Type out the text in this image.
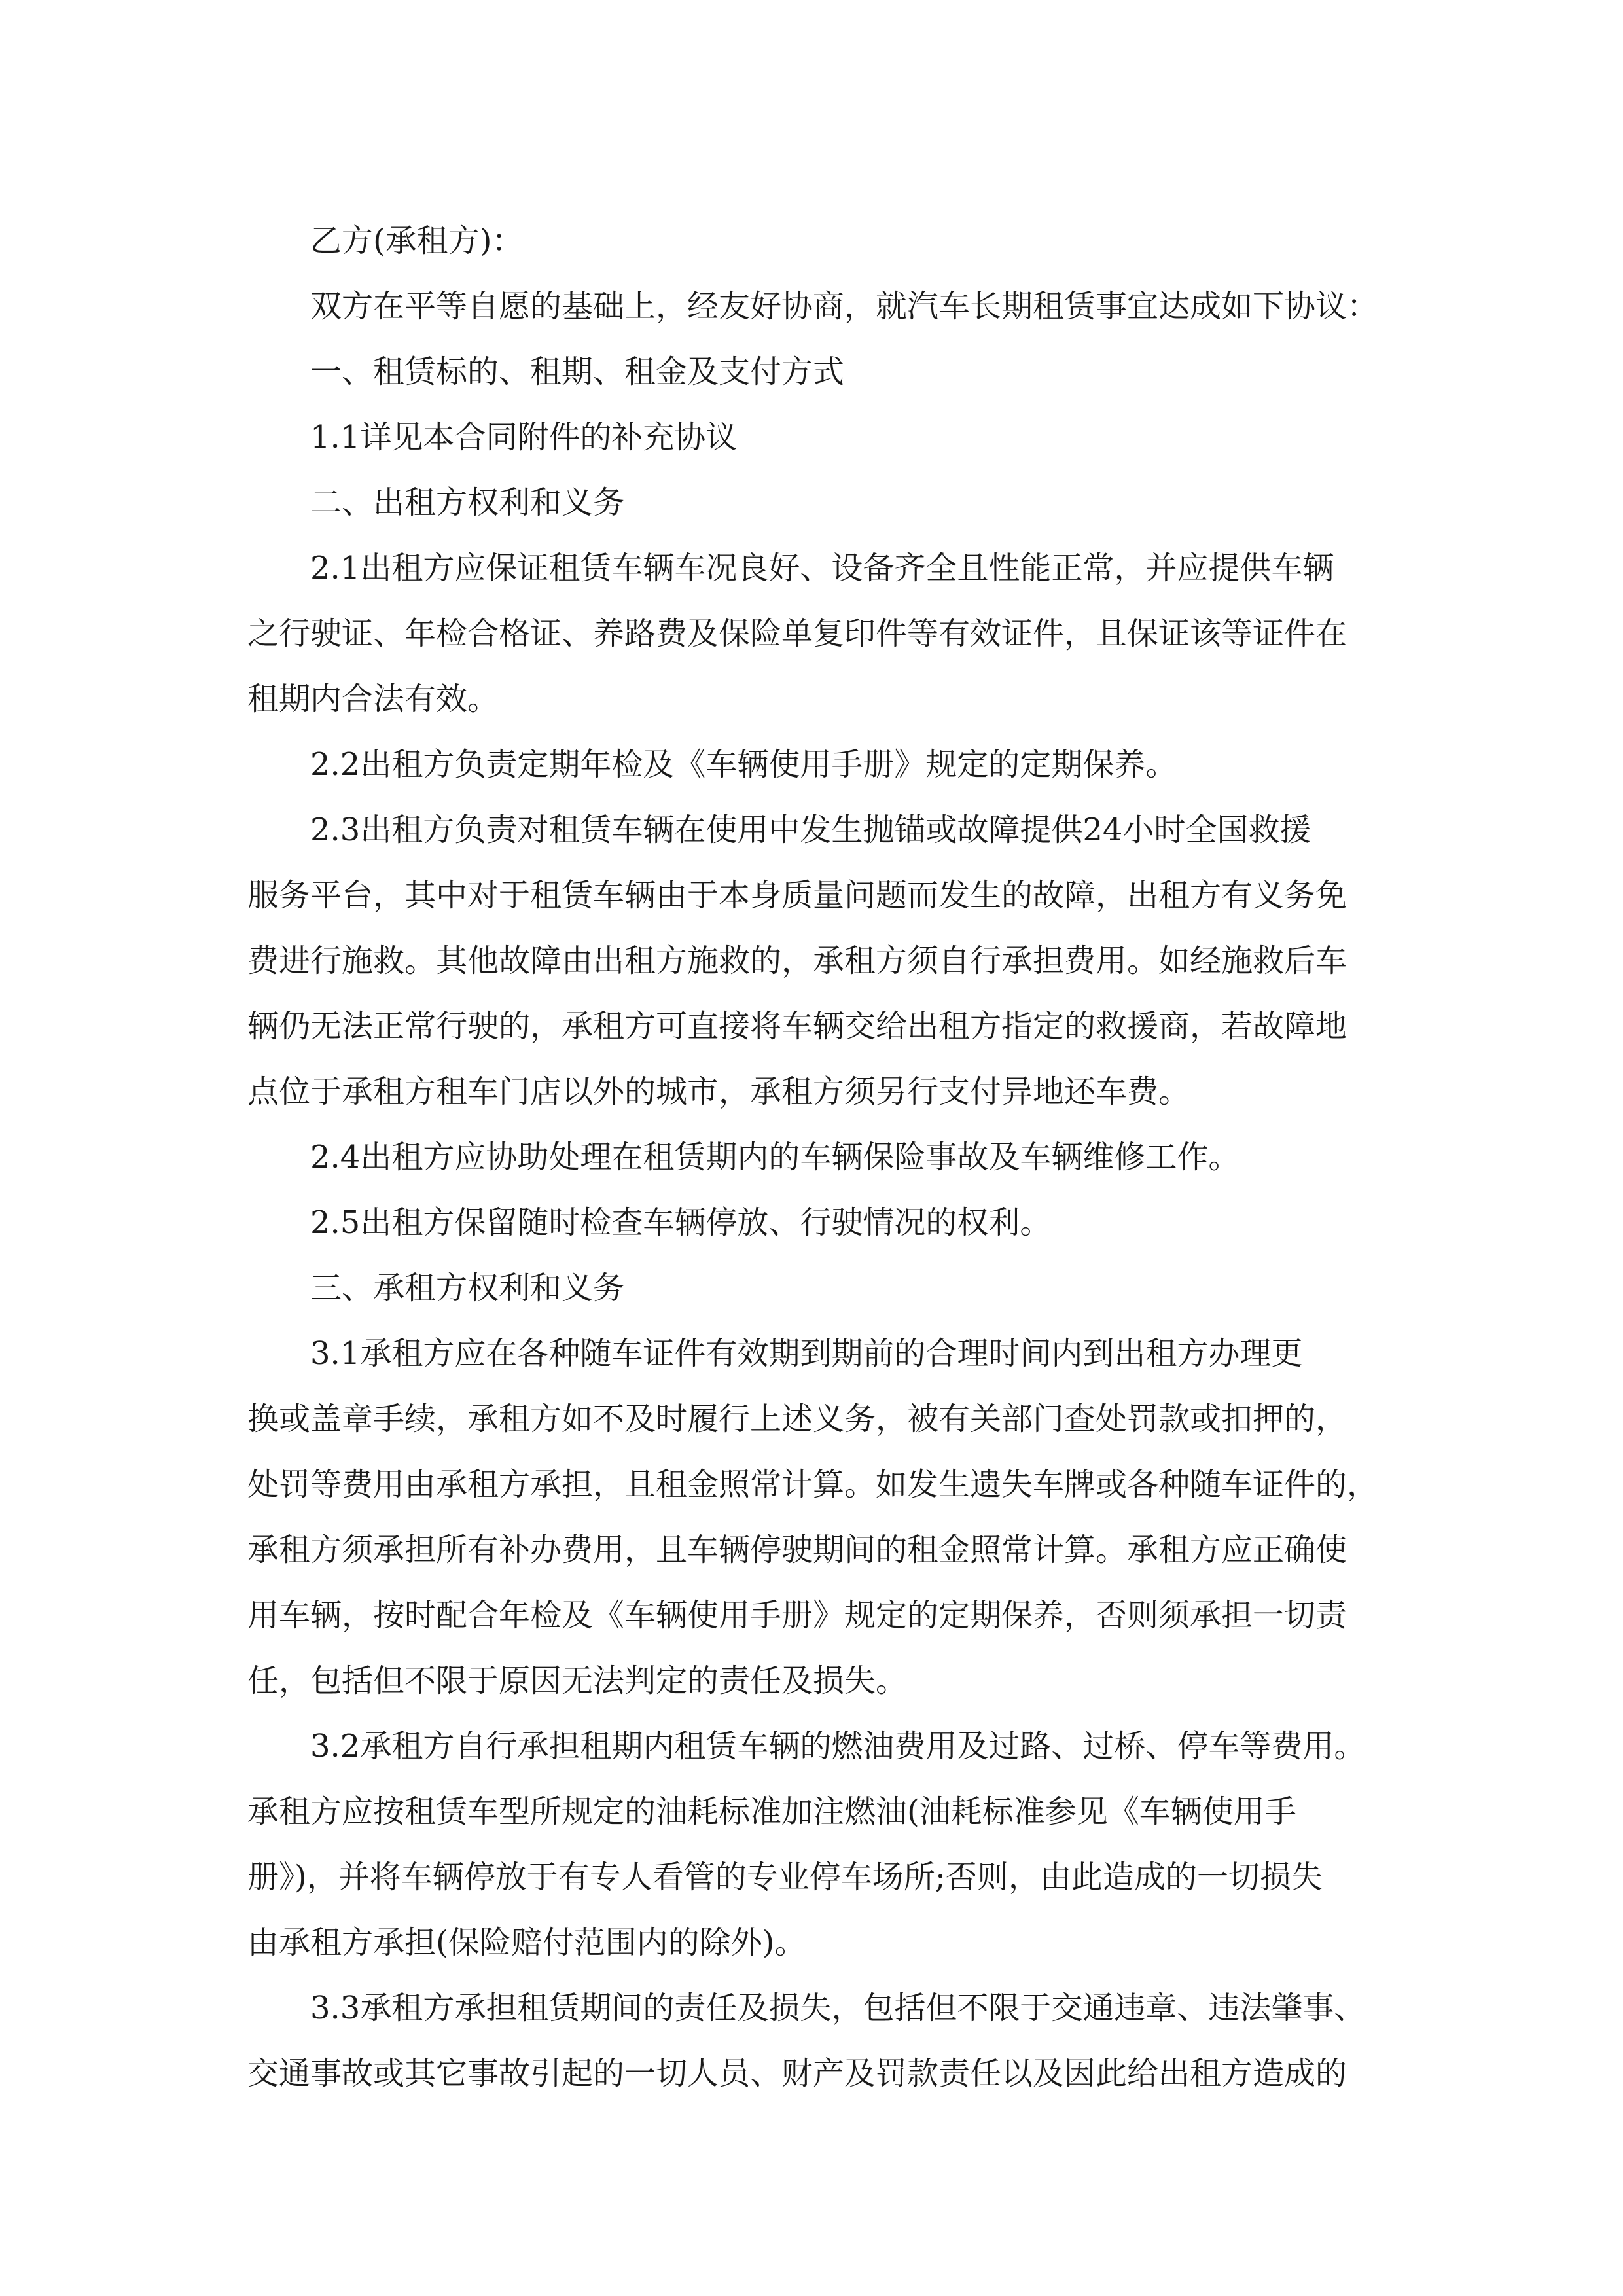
乙方(承租方)：
双方在平等自愿的基础上，经友好协商，就汽车长期租赁事宜达成如下协议：
一、租赁标的、租期、租金及支付方式
1.1详见本合同附件的补充协议
二、出租方权利和义务
2.1出租方应保证租赁车辆车况良好、设备齐全且性能正常，并应提供车辆
之行驶证、年检合格证、养路费及保险单复印件等有效证件，且保证该等证件在
租期内合法有效。
2.2出租方负责定期年检及《车辆使用手册》规定的定期保养。
2.3出租方负责对租赁车辆在使用中发生抛锚或故障提供24小时全国救援
服务平台，其中对于租赁车辆由于本身质量问题而发生的故障，出租方有义务免
费进行施救。其他故障由出租方施救的，承租方须自行承担费用。如经施救后车
辆仍无法正常行驶的，承租方可直接将车辆交给出租方指定的救援商，若故障地
点位于承租方租车门店以外的城市，承租方须另行支付异地还车费。
2.4出租方应协助处理在租赁期内的车辆保险事故及车辆维修工作。
2.5出租方保留随时检查车辆停放、行驶情况的权利。
三、承租方权利和义务
3.1承租方应在各种随车证件有效期到期前的合理时间内到出租方办理更
换或盖章手续，承租方如不及时履行上述义务，被有关部门查处罚款或扣押的，
处罚等费用由承租方承担，且租金照常计算。如发生遗失车牌或各种随车证件的，
承租方须承担所有补办费用，且车辆停驶期间的租金照常计算。承租方应正确使
用车辆，按时配合年检及《车辆使用手册》规定的定期保养，否则须承担一切责
任，包括但不限于原因无法判定的责任及损失。
3.2承租方自行承担租期内租赁车辆的燃油费用及过路、过桥、停车等费用。
承租方应按租赁车型所规定的油耗标准加注燃油(油耗标准参见《车辆使用手
册》)，并将车辆停放于有专人看管的专业停车场所;否则，由此造成的一切损失
由承租方承担(保险赔付范围内的除外)。
3.3承租方承担租赁期间的责任及损失，包括但不限于交通违章、违法肇事、
交通事故或其它事故引起的一切人员、财产及罚款责任以及因此给出租方造成的
